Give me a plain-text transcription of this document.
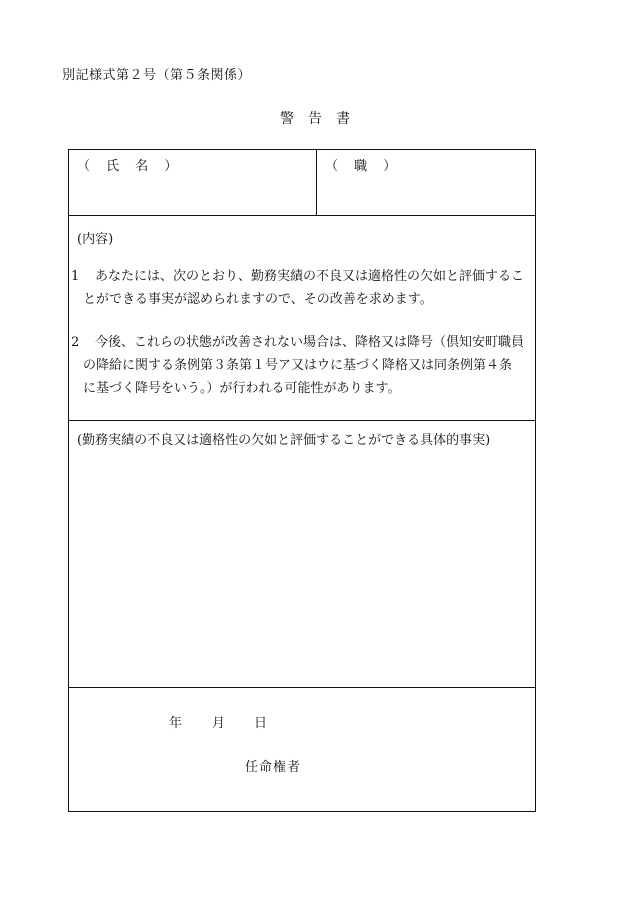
別記様式第２号（第５条関係）
警告書
（ 氏 名 ）	（ 職 ）
(内容)
1 あなたには、次のとおり、勤務実績の不良又は適格性の欠如と評価するこ
とができる事実が認められますので、その改善を求めます。
2 今後、これらの状態が改善されない場合は、降格又は降号（倶知安町職員
の降給に関する条例第３条第１号ア又はウに基づく降格又は同条例第４条
に基づく降号をいう。）が行われる可能性があります。
(勤務実績の不良又は適格性の欠如と評価することができる具体的事実)
年 月 日
任命権者
